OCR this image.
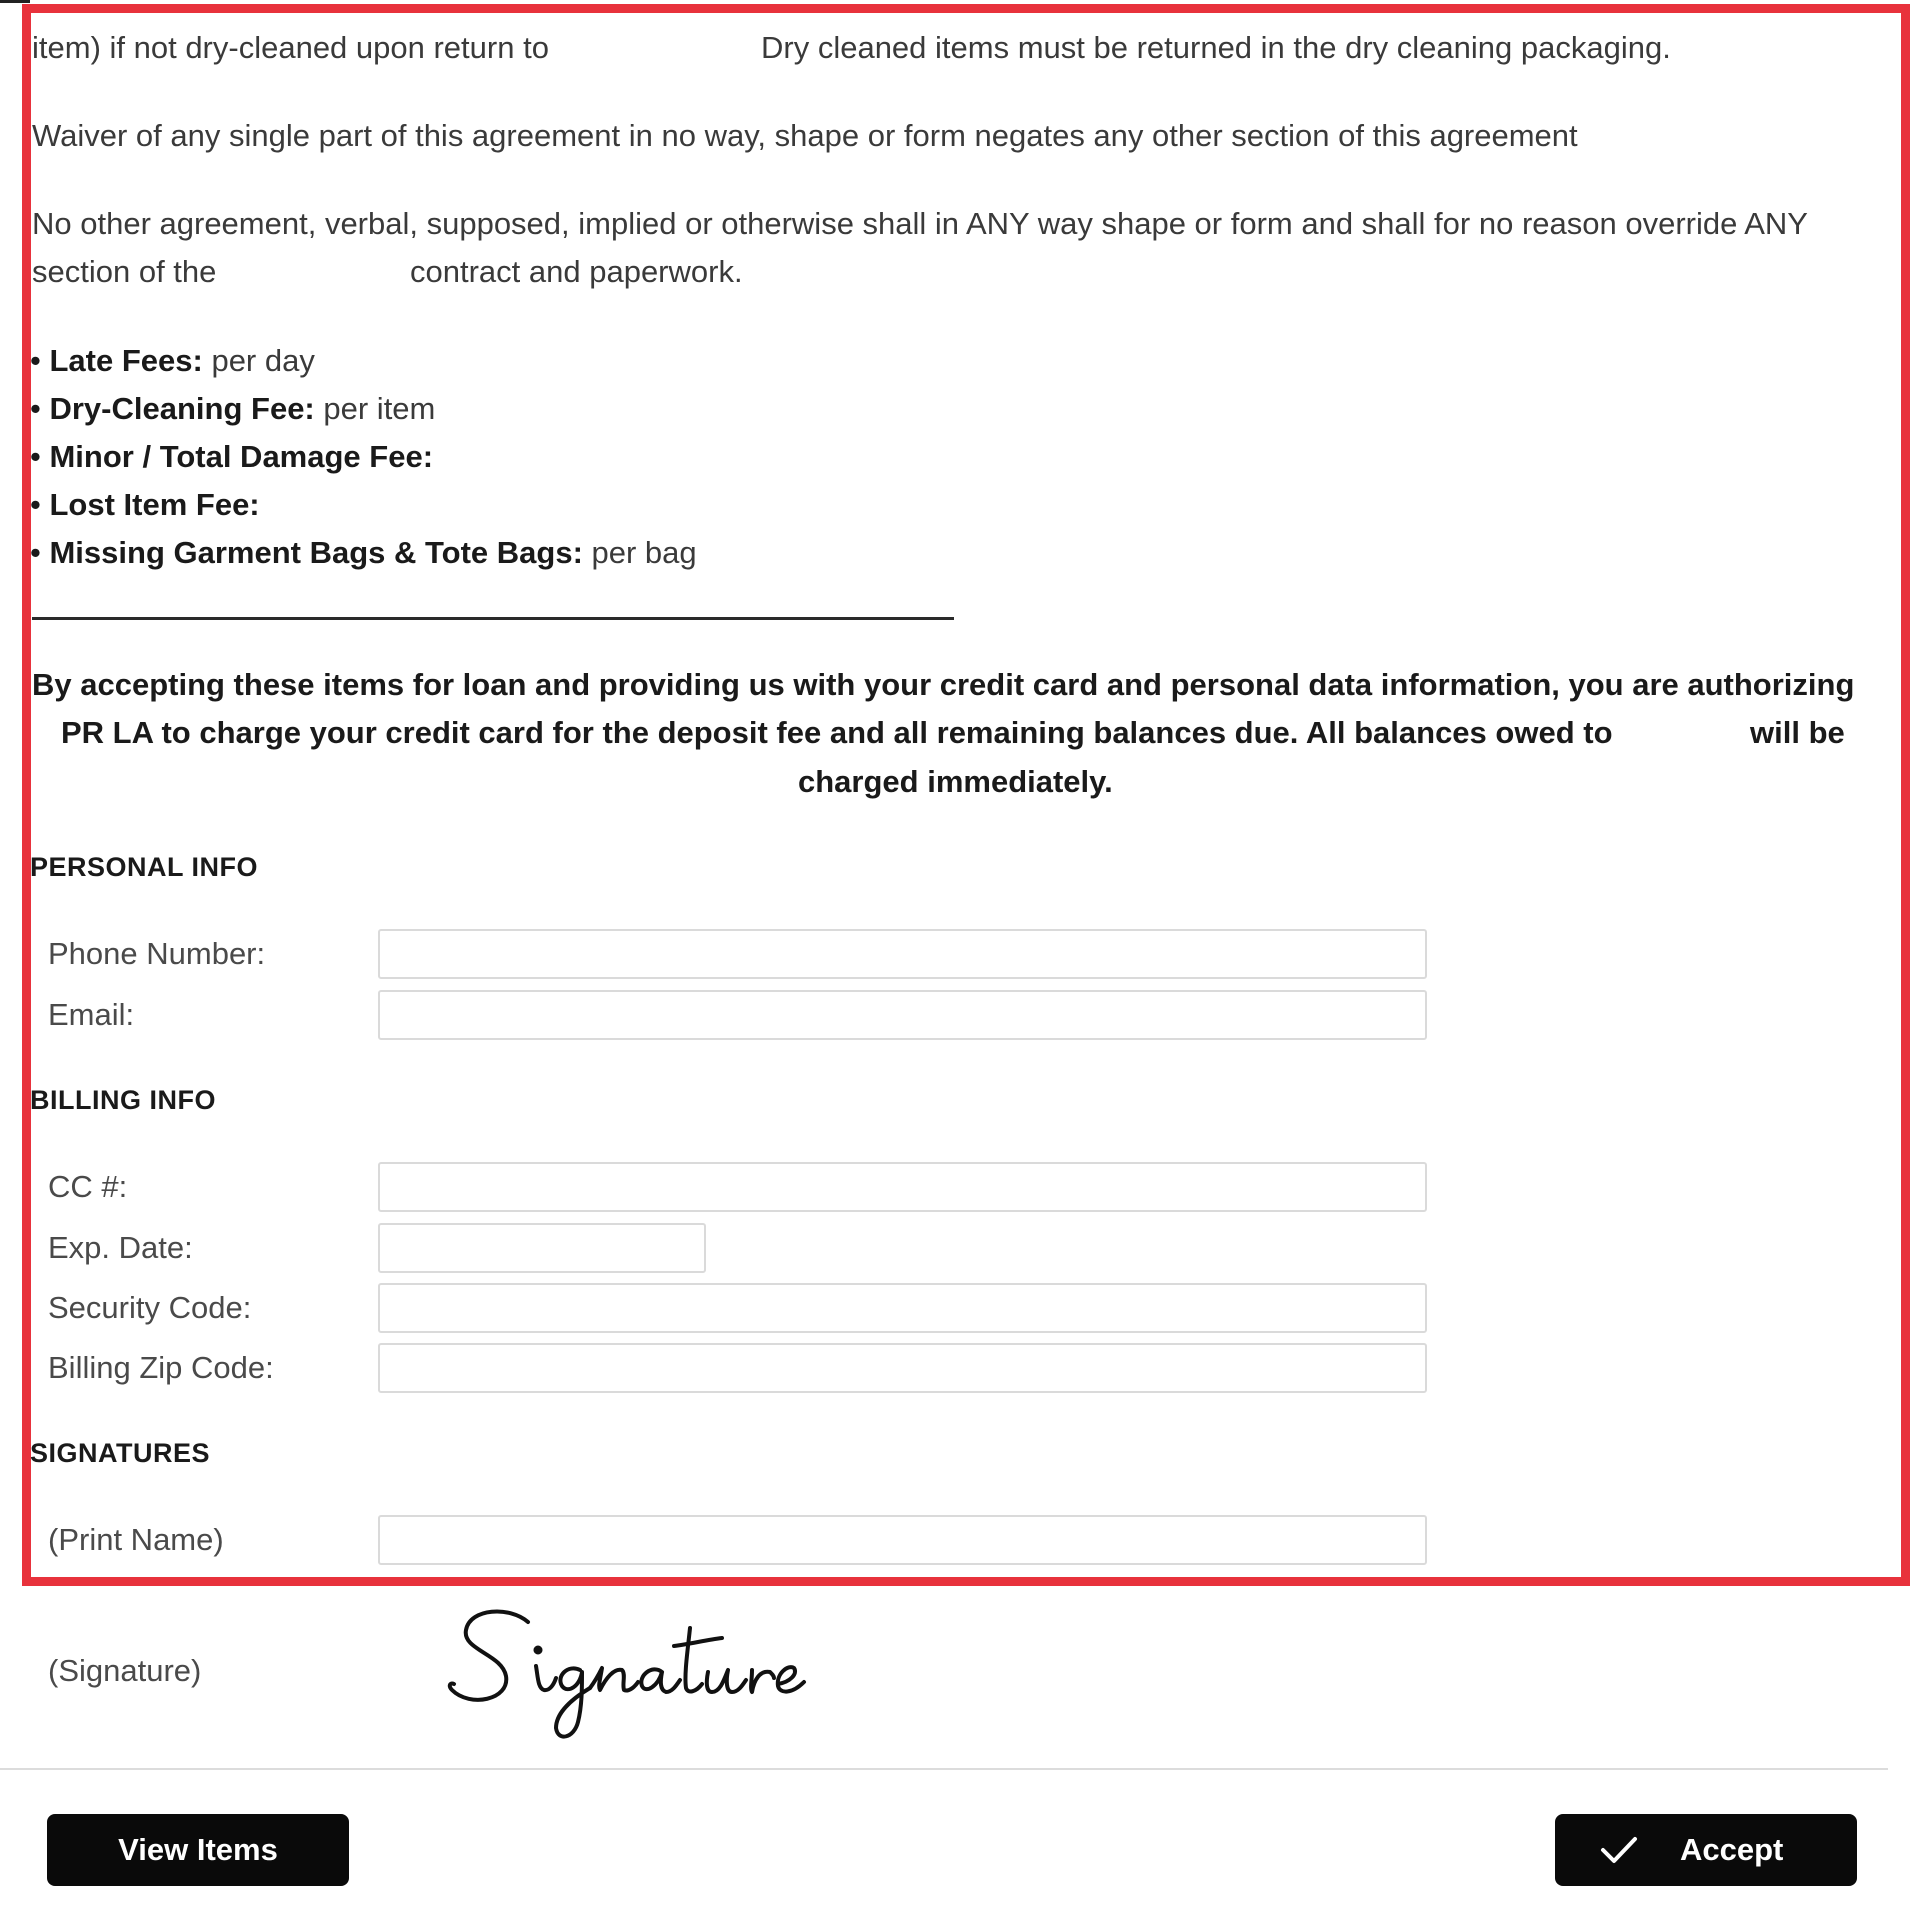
item) if not dry-cleaned upon return to	Dry cleaned items must be returned in the dry cleaning packaging.
Waiver of any single part of this agreement in no way, shape or form negates any other section of this agreement
No other agreement, verbal, supposed, implied or otherwise shall in ANY way shape or form and shall for no reason override ANY
section of the	contract and paperwork.
• Late Fees: per day
• Dry-Cleaning Fee: per item
• Minor / Total Damage Fee:
• Lost Item Fee:
• Missing Garment Bags & Tote Bags: per bag
By accepting these items for loan and providing us with your credit card and personal data information, you are authorizing
PR LA to charge your credit card for the deposit fee and all remaining balances due. All balances owed to	will be
charged immediately.
PERSONAL INFO
Phone Number:
Email:
BILLING INFO
CC #:
Exp. Date:
Security Code:
Billing Zip Code:
SIGNATURES
(Print Name)
(Signature)
View Items	Accept
